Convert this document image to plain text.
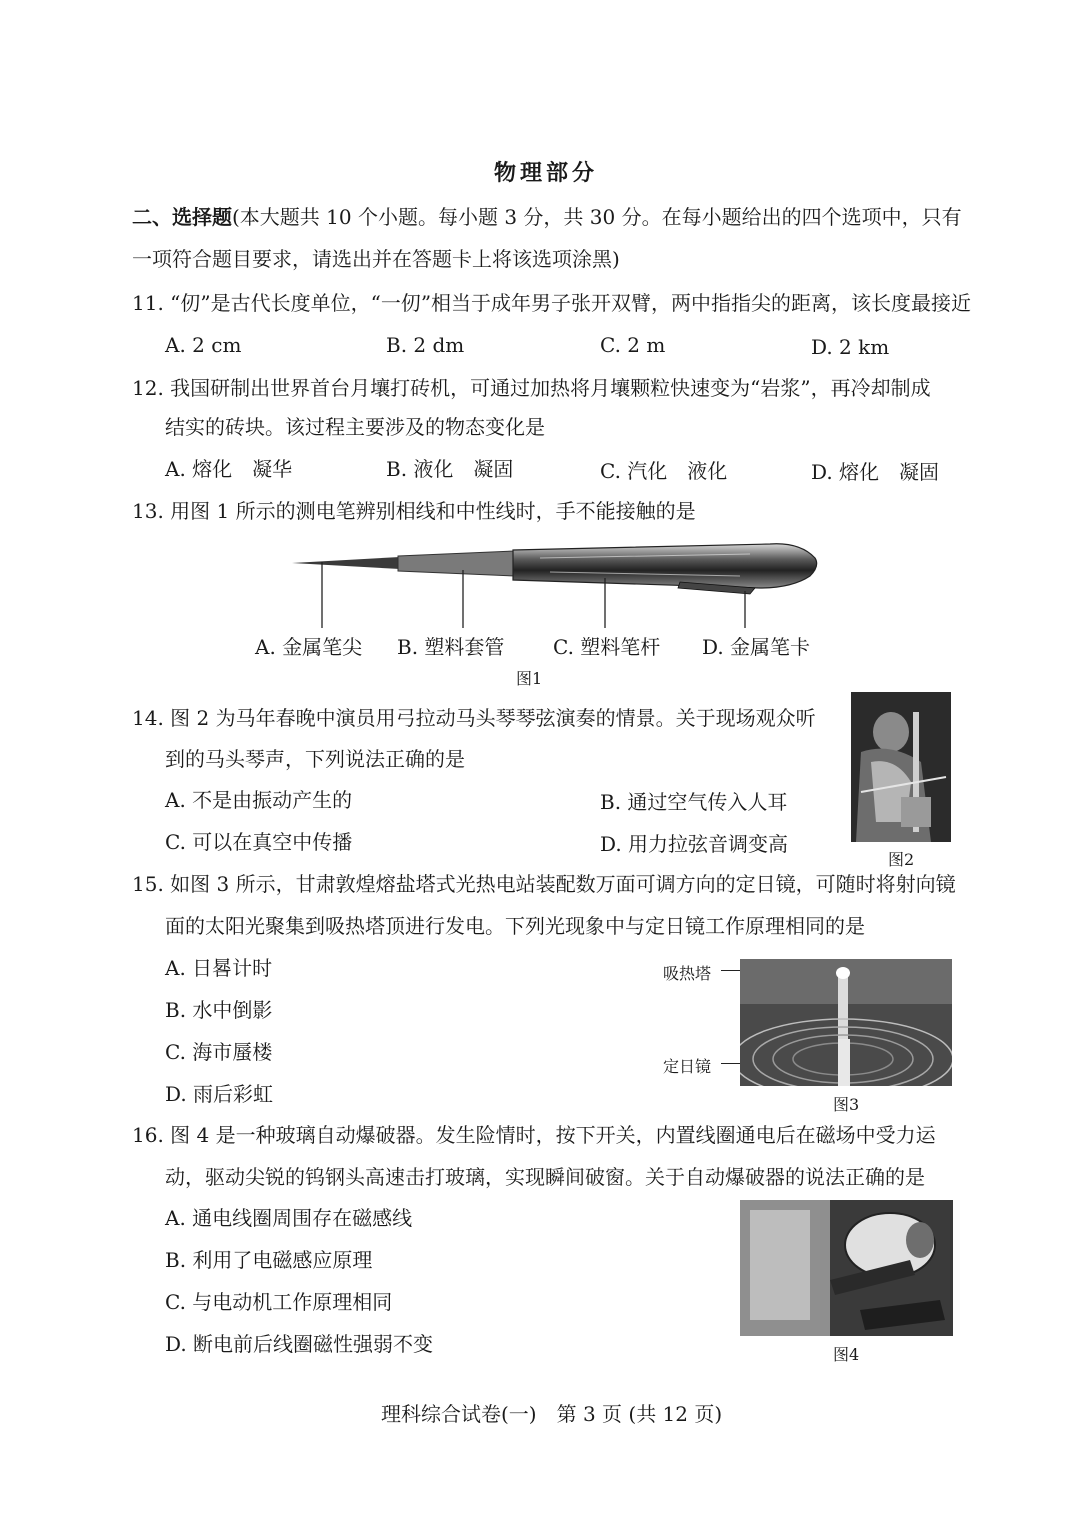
物理部分
二、选择题(本大题共 10 个小题。每小题 3 分，共 30 分。在每小题给出的四个选项中，只有
一项符合题目要求，请选出并在答题卡上将该选项涂黑)
11. “仞”是古代长度单位，“一仞”相当于成年男子张开双臂，两中指指尖的距离，该长度最接近
A. 2 cm	B. 2 dm	C. 2 m	D. 2 km
12. 我国研制出世界首台月壤打砖机，可通过加热将月壤颗粒快速变为“岩浆”，再冷却制成
结实的砖块。该过程主要涉及的物态变化是
A. 熔化　凝华	B. 液化　凝固	C. 汽化　液化	D. 熔化　凝固
13. 用图 1 所示的测电笔辨别相线和中性线时，手不能接触的是
A. 金属笔尖 B. 塑料套管 C. 塑料笔杆 D. 金属笔卡
图1
14. 图 2 为马年春晚中演员用弓拉动马头琴琴弦演奏的情景。关于现场观众听
到的马头琴声，下列说法正确的是
A. 不是由振动产生的	B. 通过空气传入人耳
C. 可以在真空中传播	D. 用力拉弦音调变高
图2
15. 如图 3 所示，甘肃敦煌熔盐塔式光热电站装配数万面可调方向的定日镜，可随时将射向镜
面的太阳光聚集到吸热塔顶进行发电。下列光现象中与定日镜工作原理相同的是
A. 日晷计时
B. 水中倒影
C. 海市蜃楼
D. 雨后彩虹
吸热塔
定日镜
图3
16. 图 4 是一种玻璃自动爆破器。发生险情时，按下开关，内置线圈通电后在磁场中受力运
动，驱动尖锐的钨钢头高速击打玻璃，实现瞬间破窗。关于自动爆破器的说法正确的是
A. 通电线圈周围存在磁感线
B. 利用了电磁感应原理
C. 与电动机工作原理相同
D. 断电前后线圈磁性强弱不变	图4
理科综合试卷(一)　第 3 页 (共 12 页)
